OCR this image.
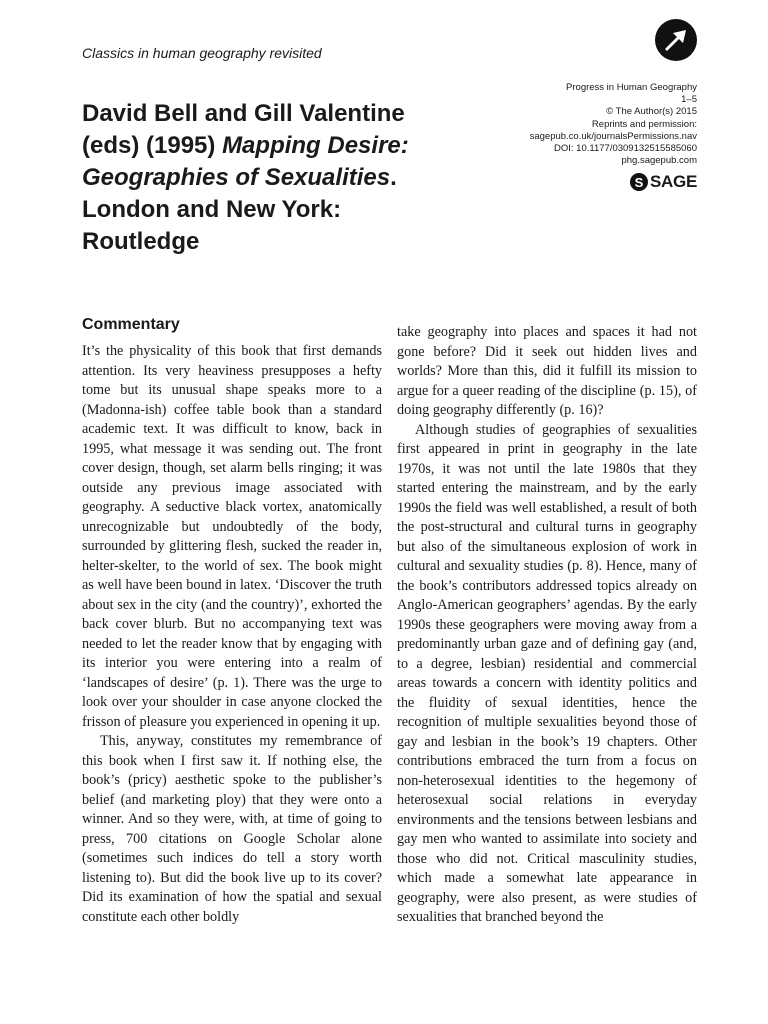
Classics in human geography revisited
David Bell and Gill Valentine
(eds) (1995) Mapping Desire:
Geographies of Sexualities.
London and New York:
Routledge
Progress in Human Geography
1–5
© The Author(s) 2015
Reprints and permission:
sagepub.co.uk/journalsPermissions.nav
DOI: 10.1177/0309132515585060
phg.sagepub.com
S SAGE
Commentary

It’s the physicality of this book that first demands attention. Its very heaviness presupposes a hefty tome but its unusual shape speaks more to a (Madonna-ish) coffee table book than a standard academic text. It was difficult to know, back in 1995, what message it was sending out. The front cover design, though, set alarm bells ringing; it was outside any previous image associated with geography. A seductive black vortex, anatomically unrecognizable but undoubtedly of the body, surrounded by glittering flesh, sucked the reader in, helter-skelter, to the world of sex. The book might as well have been bound in latex. ‘Discover the truth about sex in the city (and the country)’, exhorted the back cover blurb. But no accompanying text was needed to let the reader know that by engaging with its interior you were entering into a realm of ‘landscapes of desire’ (p. 1). There was the urge to look over your shoulder in case anyone clocked the frisson of pleasure you experienced in opening it up.

This, anyway, constitutes my remembrance of this book when I first saw it. If nothing else, the book’s (pricy) aesthetic spoke to the publisher’s belief (and marketing ploy) that they were onto a winner. And so they were, with, at time of going to press, 700 citations on Google Scholar alone (sometimes such indices do tell a story worth listening to). But did the book live up to its cover? Did its examination of how the spatial and sexual constitute each other boldly

take geography into places and spaces it had not gone before? Did it seek out hidden lives and worlds? More than this, did it fulfill its mission to argue for a queer reading of the discipline (p. 15), of doing geography differently (p. 16)?

Although studies of geographies of sexualities first appeared in print in geography in the late 1970s, it was not until the late 1980s that they started entering the mainstream, and by the early 1990s the field was well established, a result of both the post-structural and cultural turns in geography but also of the simultaneous explosion of work in cultural and sexuality studies (p. 8). Hence, many of the book’s contributors addressed topics already on Anglo-American geographers’ agendas. By the early 1990s these geographers were moving away from a predominantly urban gaze and of defining gay (and, to a degree, lesbian) residential and commercial areas towards a concern with identity politics and the fluidity of sexual identities, hence the recognition of multiple sexualities beyond those of gay and lesbian in the book’s 19 chapters. Other contributions embraced the turn from a focus on non-heterosexual identities to the hegemony of heterosexual social relations in everyday environments and the tensions between lesbians and gay men who wanted to assimilate into society and those who did not. Critical masculinity studies, which made a somewhat late appearance in geography, were also present, as were studies of sexualities that branched beyond the
